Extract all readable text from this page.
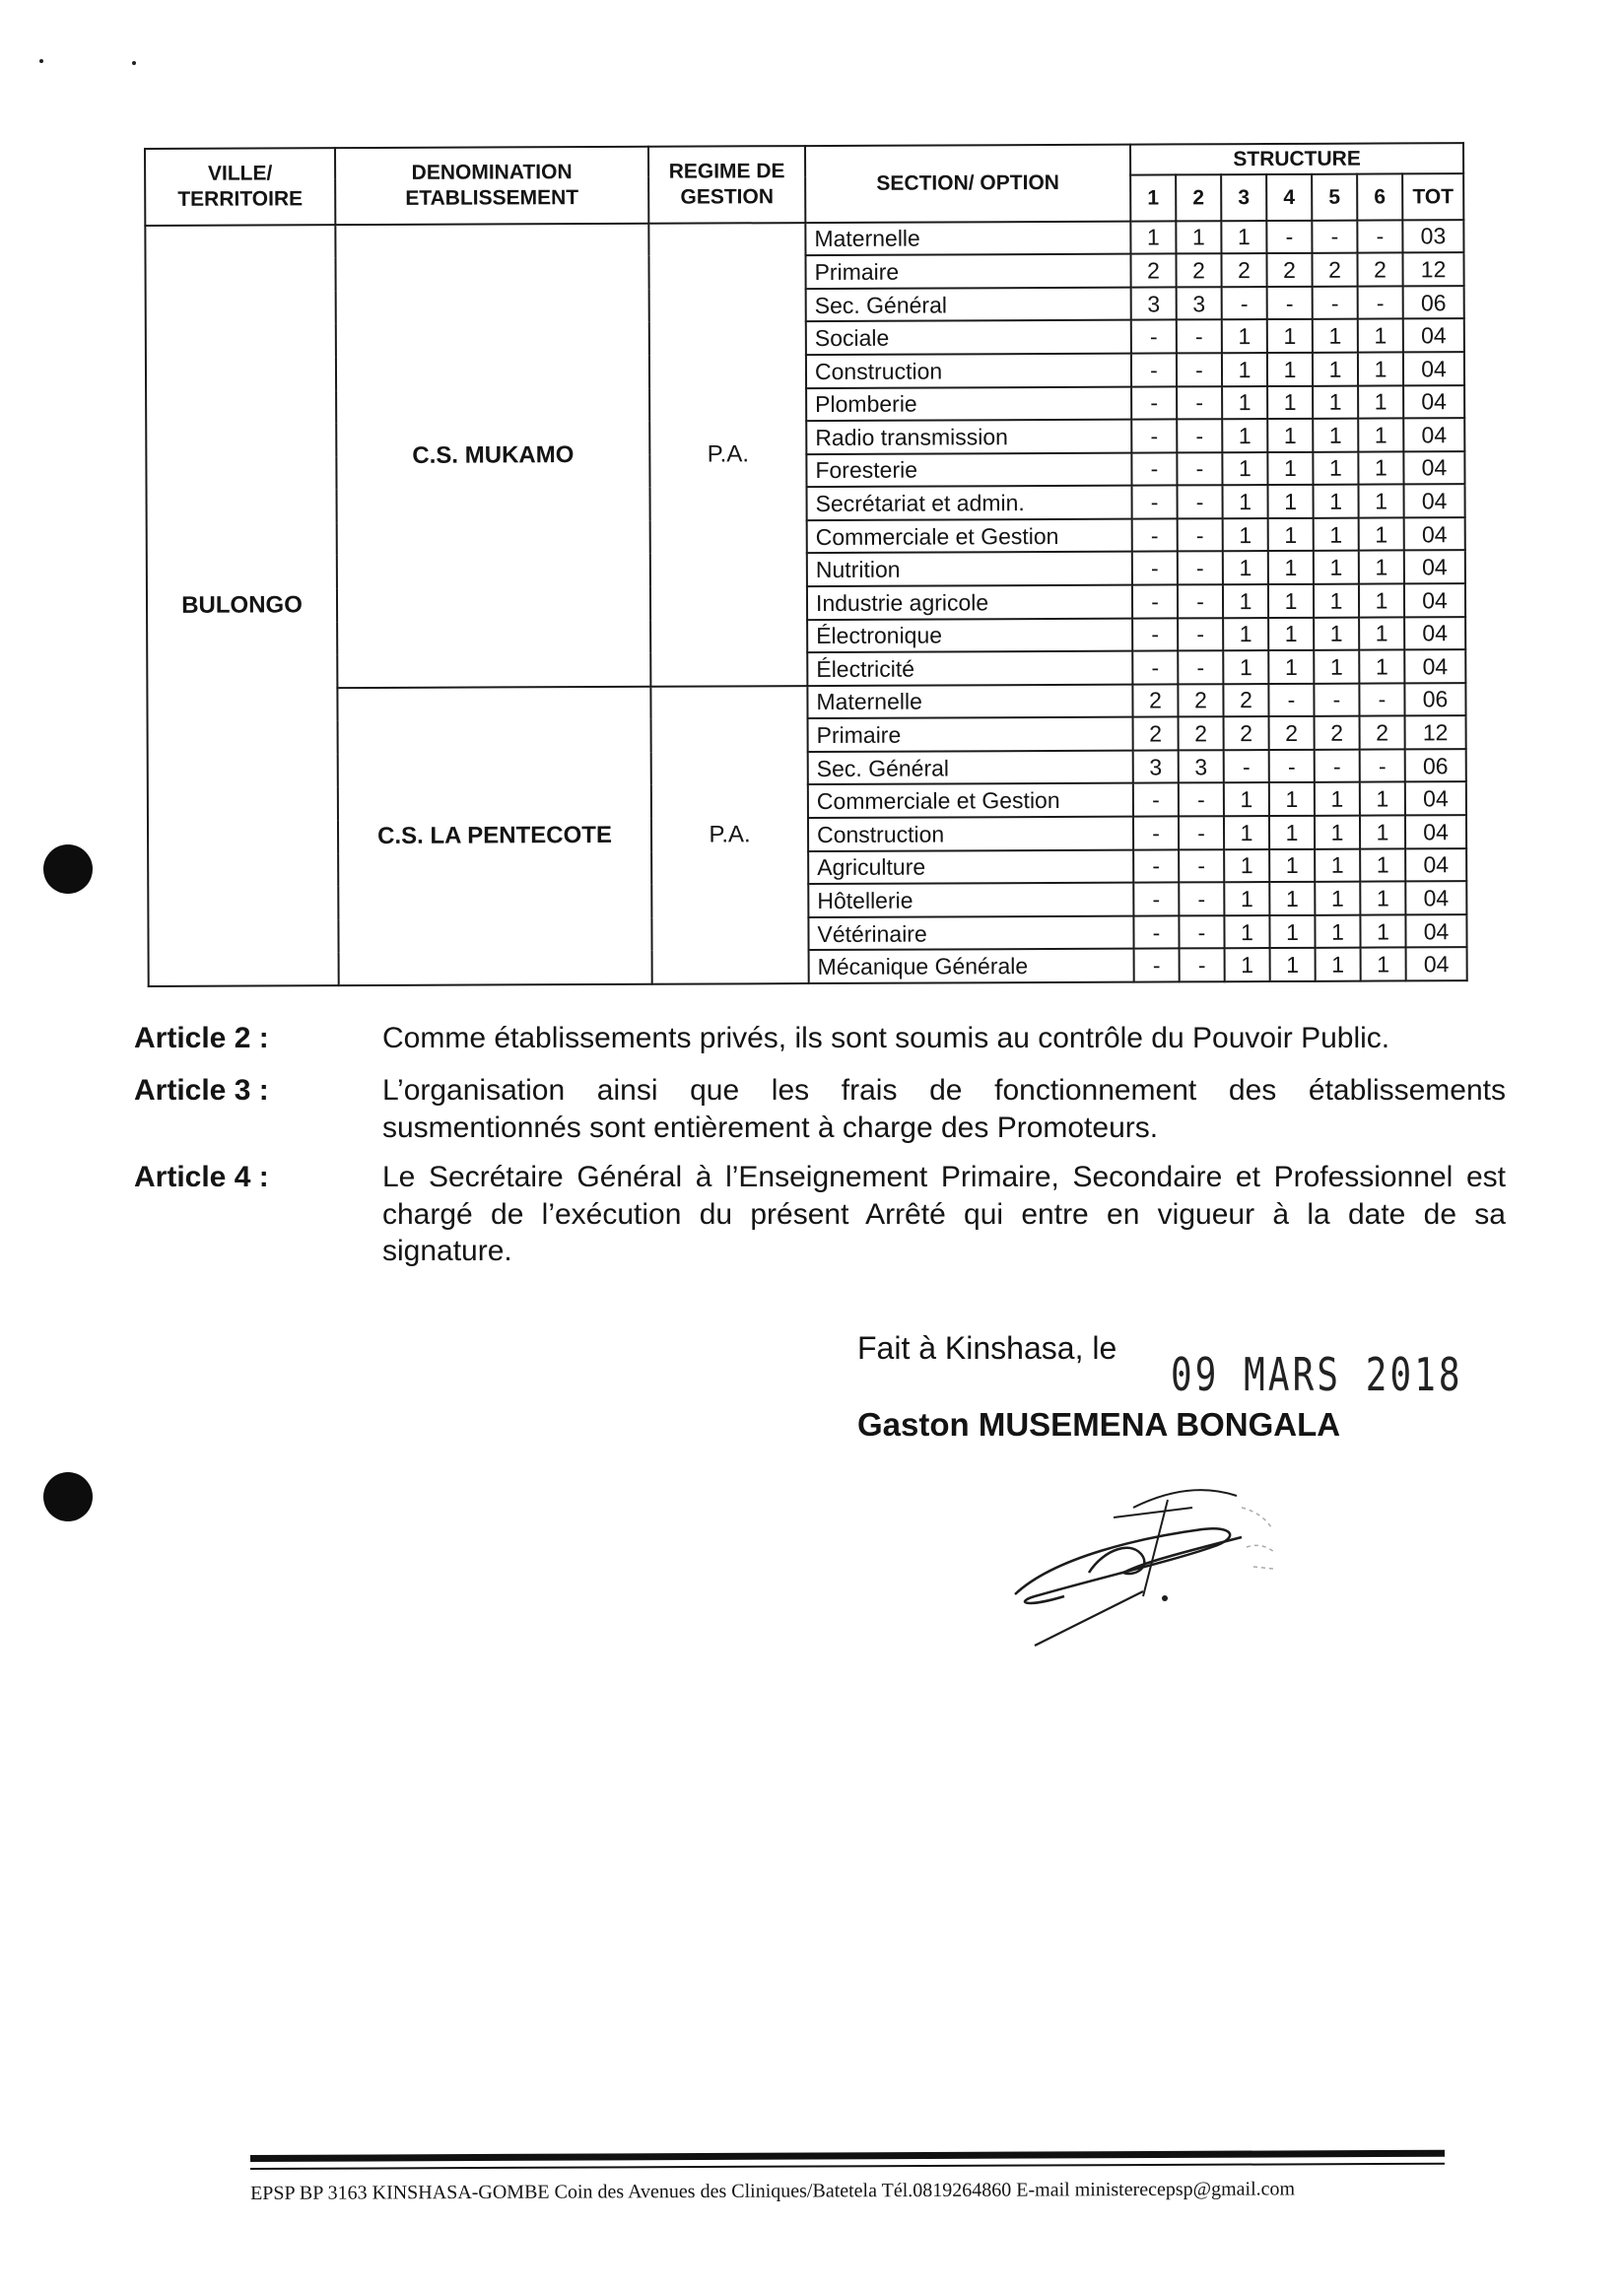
VILLE/ TERRITOIRE	DENOMINATION ETABLISSEMENT	REGIME DE GESTION	SECTION/ OPTION	STRUCTURE						
				1	2	3	4	5	6	TOT
BULONGO	C.S. MUKAMO	P.A.	Maternelle	1	1	1	-	-	-	03
			Primaire	2	2	2	2	2	2	12
			Sec. Général	3	3	-	-	-	-	06
			Sociale	-	-	1	1	1	1	04
			Construction	-	-	1	1	1	1	04
			Plomberie	-	-	1	1	1	1	04
			Radio transmission	-	-	1	1	1	1	04
			Foresterie	-	-	1	1	1	1	04
			Secrétariat et admin.	-	-	1	1	1	1	04
			Commerciale et Gestion	-	-	1	1	1	1	04
			Nutrition	-	-	1	1	1	1	04
			Industrie agricole	-	-	1	1	1	1	04
			Électronique	-	-	1	1	1	1	04
			Électricité	-	-	1	1	1	1	04
	C.S. LA PENTECOTE	P.A.	Maternelle	2	2	2	-	-	-	06
			Primaire	2	2	2	2	2	2	12
			Sec. Général	3	3	-	-	-	-	06
			Commerciale et Gestion	-	-	1	1	1	1	04
			Construction	-	-	1	1	1	1	04
			Agriculture	-	-	1	1	1	1	04
			Hôtellerie	-	-	1	1	1	1	04
			Vétérinaire	-	-	1	1	1	1	04
			Mécanique Générale	-	-	1	1	1	1	04
Article 2 :	Comme établissements privés, ils sont soumis au contrôle du Pouvoir Public.
Article 3 :	L’organisation ainsi que les frais de fonctionnement des établissements susmentionnés sont entièrement à charge des Promoteurs.
Article 4 :	Le Secrétaire Général à l’Enseignement Primaire, Secondaire et Professionnel est chargé de l’exécution du présent Arrêté qui entre en vigueur à la date de sa signature.
Fait à Kinshasa, le 09 MARS 2018
Gaston MUSEMENA BONGALA
EPSP BP 3163 KINSHASA-GOMBE Coin des Avenues des Cliniques/Batetela Tél.0819264860 E-mail ministerecepsp@gmail.com
